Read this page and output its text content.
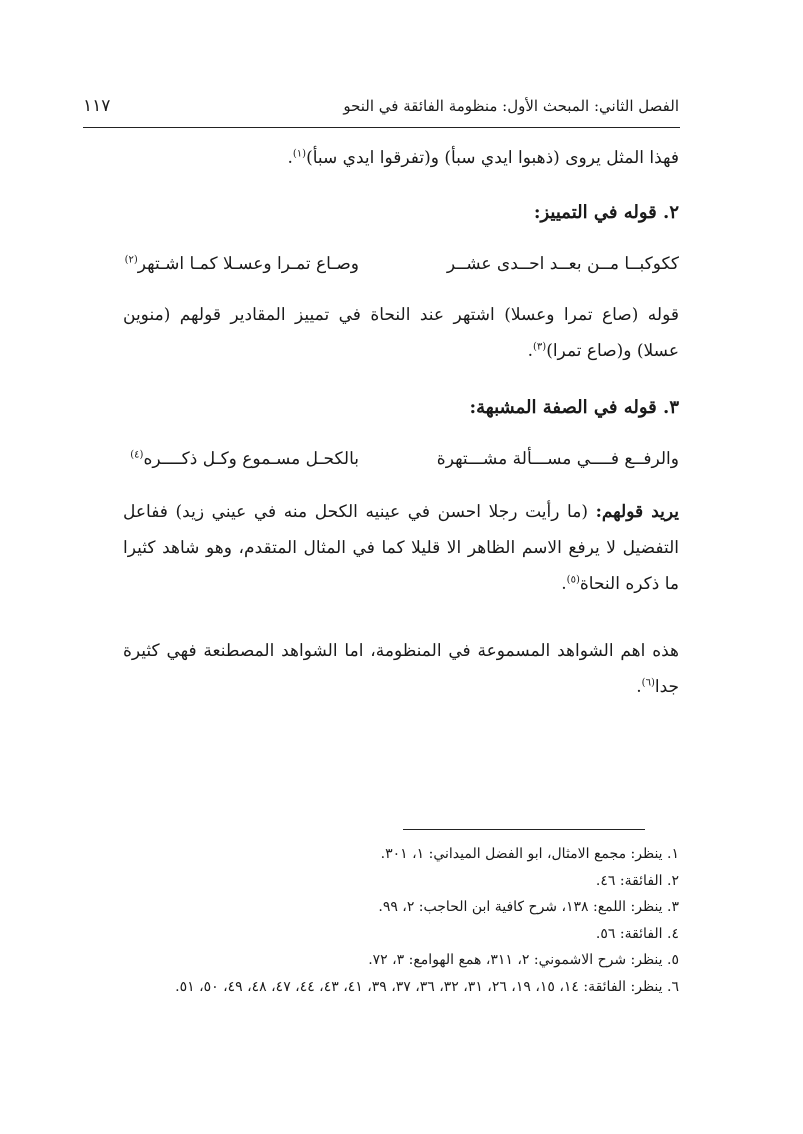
الفصل الثاني: المبحث الأول: منظومة الفائقة في النحو
١١٧
فهذا المثل يروى (ذهبوا ايدي سبأ) و(تفرقوا ايدي سبأ)$^{(١)}$.
٢. قوله في التمييز:
ككوكبــا مــن بعــد احــدى عشــر
وصـاع تمـرا وعسـلا كمـا اشـتهر$^{(٢)}$
قوله (صاع تمرا وعسلا) اشتهر عند النحاة في تمييز المقادير قولهم (منوين عسلا) و(صاع تمرا)$^{(٣)}$.
٣. قوله في الصفة المشبهة:
والرفــع فــــي مســـألة مشـــتهرة
بالكحـل مسـموع وكـل ذكــــره$^{(٤)}$
يريد قولهم: (ما رأيت رجلا احسن في عينيه الكحل منه في عيني زيد) ففاعل التفضيل لا يرفع الاسم الظاهر الا قليلا كما في المثال المتقدم، وهو شاهد كثيرا ما ذكره النحاة$^{(٥)}$.
هذه اهم الشواهد المسموعة في المنظومة، اما الشواهد المصطنعة فهي كثيرة جدا$^{(٦)}$.
١. ينظر: مجمع الامثال، ابو الفضل الميداني: ١، ٣٠١.
٢. الفائقة: ٤٦.
٣. ينظر: اللمع: ١٣٨، شرح كافية ابن الحاجب: ٢، ٩٩.
٤. الفائقة: ٥٦.
٥. ينظر: شرح الاشموني: ٢، ٣١١، همع الهوامع: ٣، ٧٢.
٦. ينظر: الفائقة: ١٤، ١٥، ١٩، ٢٦، ٣١، ٣٢، ٣٦، ٣٧، ٣٩، ٤١، ٤٣، ٤٤، ٤٧، ٤٨، ٤٩، ٥٠، ٥١.
